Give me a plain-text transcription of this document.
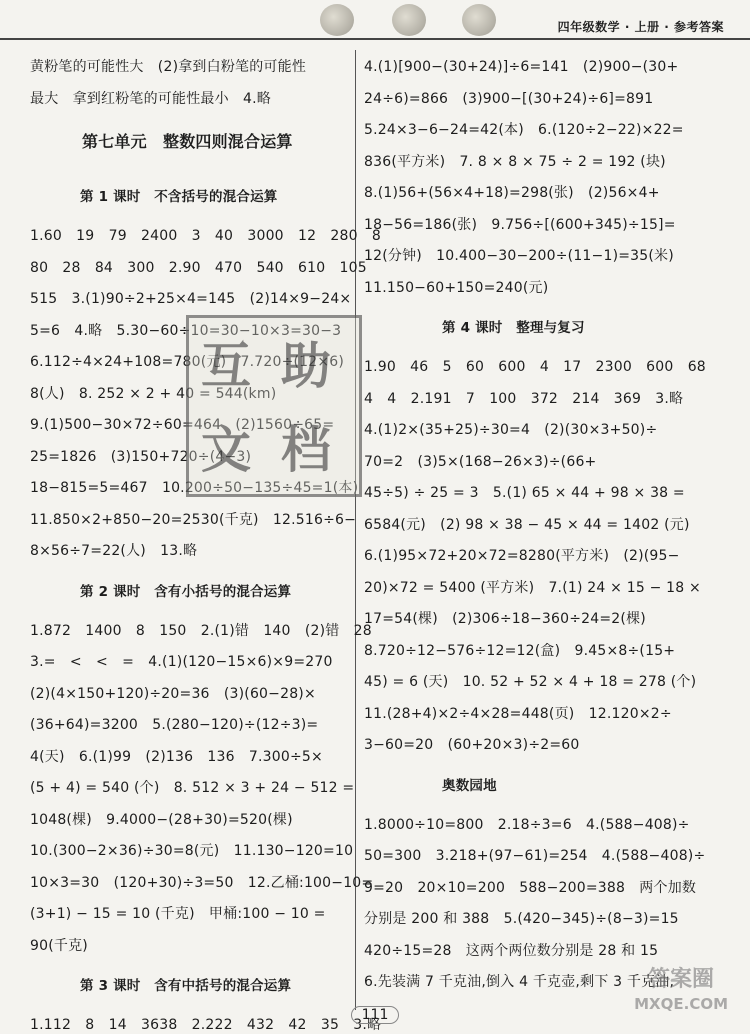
四年级数学 · 上册 · 参考答案
黄粉笔的可能性大　(2)拿到白粉笔的可能性
最大　拿到红粉笔的可能性最小　4.略
第七单元　整数四则混合运算
第 1 课时　不含括号的混合运算
1.60　19　79　2400　3　40　3000　12　280　8
80　28　84　300　2.90　470　540　610　105
515　3.(1)90÷2+25×4=145　(2)14×9−24×
5=6　4.略　5.30−60÷10=30−10×3=30−3
6.112÷4×24+108=780(元)　7.720÷(12×6)
8(人)　8. 252 × 2 + 40 = 544(km)
9.(1)500−30×72÷60=464　(2)1560÷65=
25=1826　(3)150+720÷(4−3)
18−815=5=467　10.200÷50−135÷45=1(本)
11.850×2+850−20=2530(千克)　12.516÷6−
8×56÷7=22(人)　13.略
第 2 课时　含有小括号的混合运算
1.872　1400　8　150　2.(1)错　140　(2)错　28
3.=　<　<　=　4.(1)(120−15×6)×9=270
(2)(4×150+120)÷20=36　(3)(60−28)×
(36+64)=3200　5.(280−120)÷(12÷3)=
4(天)　6.(1)99　(2)136　136　7.300÷5×
(5 + 4) = 540 (个)　8. 512 × 3 + 24 − 512 =
1048(棵)　9.4000−(28+30)=520(棵)
10.(300−2×36)÷30=8(元)　11.130−120=10
10×3=30　(120+30)÷3=50　12.乙桶:100−10=
(3+1) − 15 = 10 (千克)　甲桶:100 − 10 =
90(千克)
第 3 课时　含有中括号的混合运算
1.112　8　14　3638　2.222　432　42　35　3.略
4.(1)[900−(30+24)]÷6=141　(2)900−(30+
24÷6)=866　(3)900−[(30+24)÷6]=891
5.24×3−6−24=42(本)　6.(120÷2−22)×22=
836(平方米)　7. 8 × 8 × 75 ÷ 2 = 192 (块)
8.(1)56+(56×4+18)=298(张)　(2)56×4+
18−56=186(张)　9.756÷[(600+345)÷15]=
12(分钟)　10.400−30−200÷(11−1)=35(米)
11.150−60+150=240(元)
第 4 课时　整理与复习
1.90　46　5　60　600　4　17　2300　600　68
4　4　2.191　7　100　372　214　369　3.略
4.(1)2×(35+25)÷30=4　(2)(30×3+50)÷
70=2　(3)5×(168−26×3)÷(66+
45÷5) ÷ 25 = 3　5.(1) 65 × 44 + 98 × 38 =
6584(元)　(2) 98 × 38 − 45 × 44 = 1402 (元)
6.(1)95×72+20×72=8280(平方米)　(2)(95−
20)×72 = 5400 (平方米)　7.(1) 24 × 15 − 18 ×
17=54(棵)　(2)306÷18−360÷24=2(棵)
8.720÷12−576÷12=12(盒)　9.45×8÷(15+
45) = 6 (天)　10. 52 + 52 × 4 + 18 = 278 (个)
11.(28+4)×2÷4×28=448(页)　12.120×2÷
3−60=20　(60+20×3)÷2=60
奥数园地
1.8000÷10=800　2.18÷3=6　4.(588−408)÷
50=300　3.218+(97−61)=254　4.(588−408)÷
9=20　20×10=200　588−200=388　两个加数
分别是 200 和 388　5.(420−345)÷(8−3)=15
420÷15=28　这两个两位数分别是 28 和 15
6.先装满 7 千克油,倒入 4 千克壶,剩下 3 千克油,
互 助
文 档
111
答案圈
MXQE.COM
